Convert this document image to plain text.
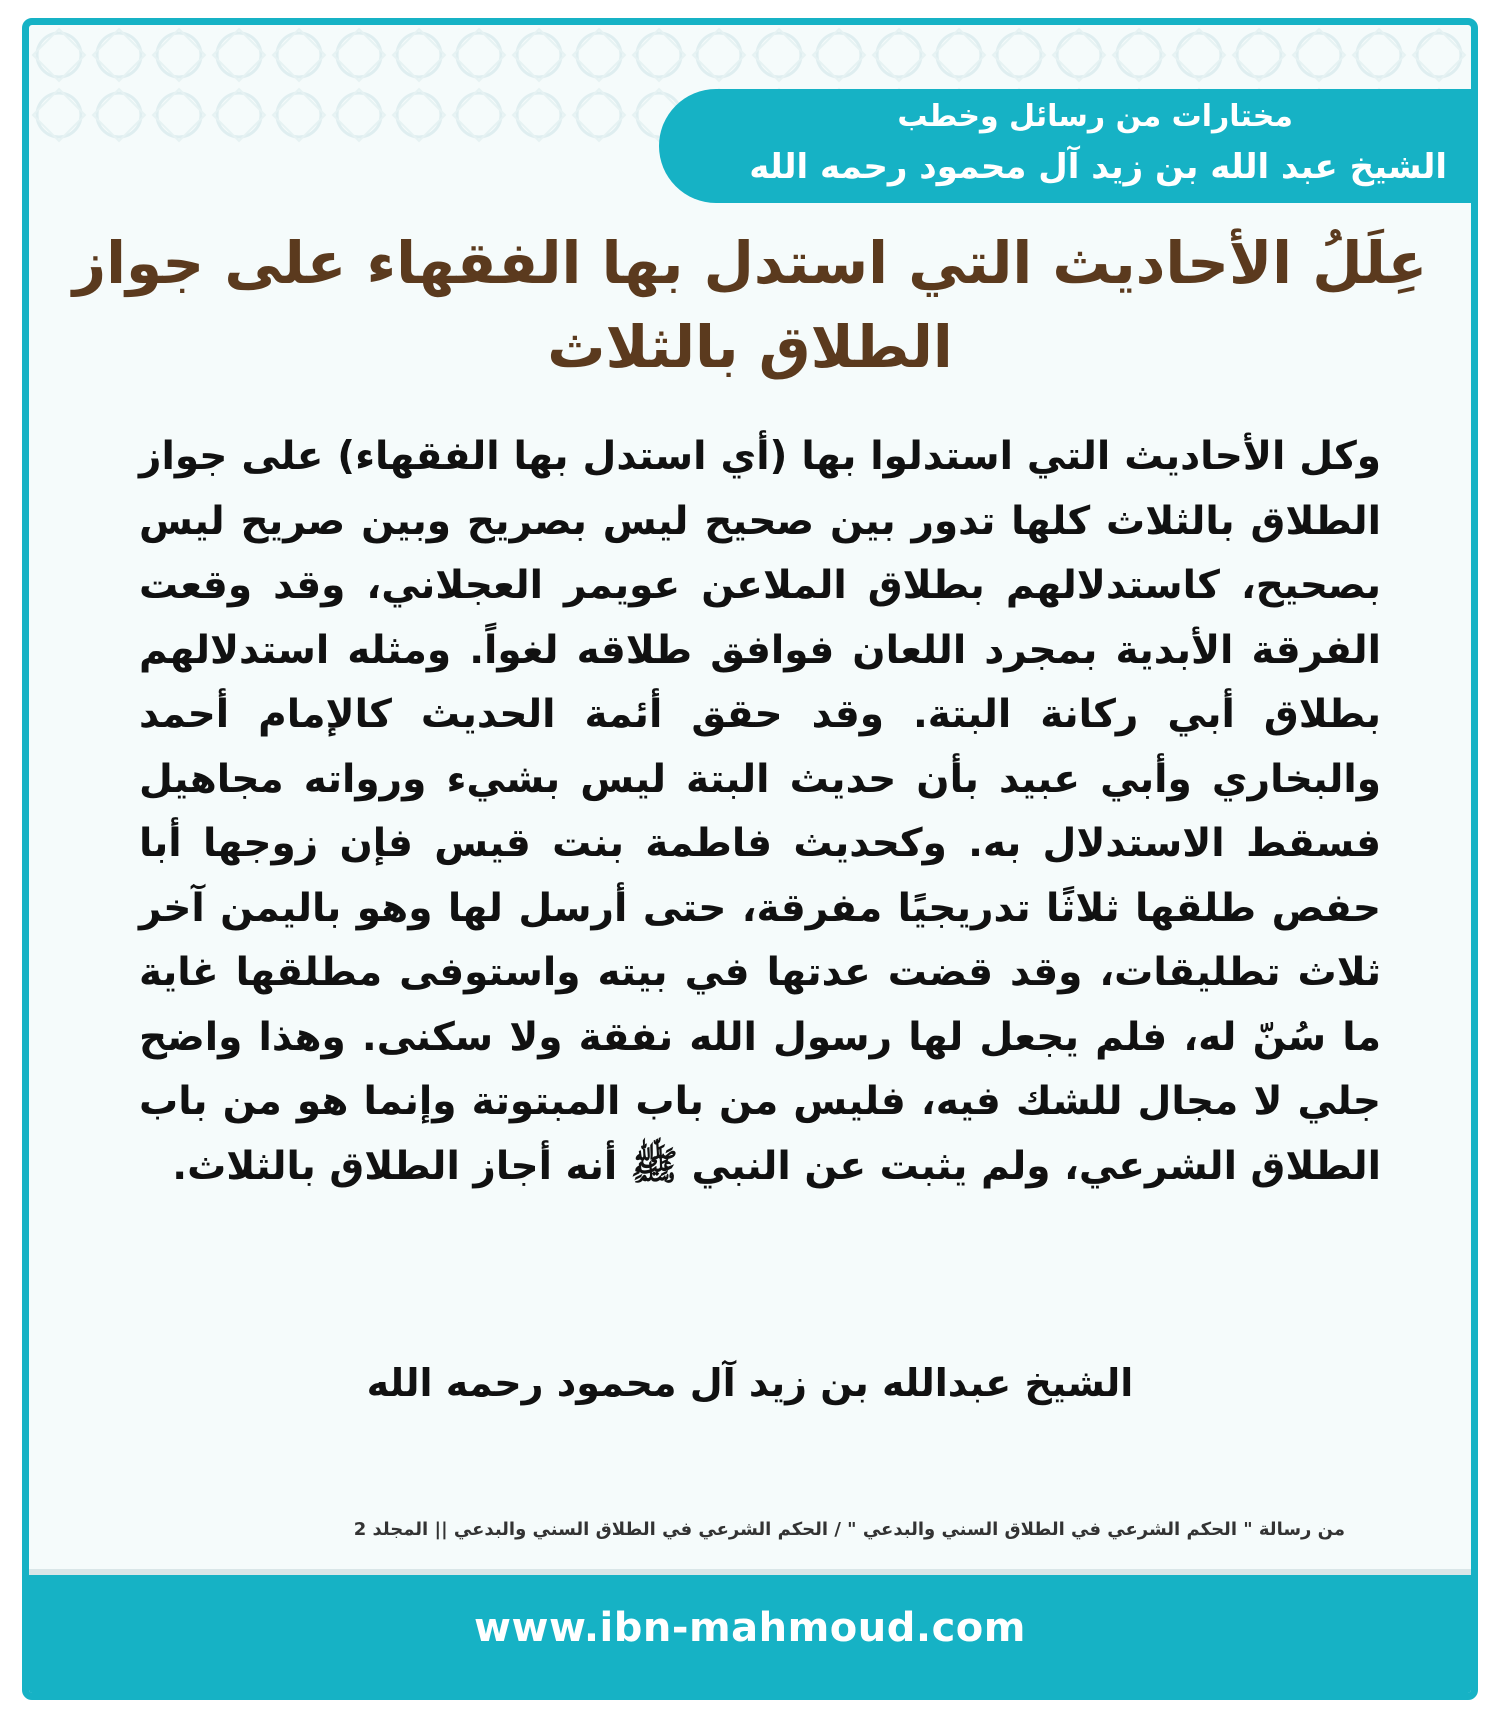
مختارات من رسائل وخطب
الشيخ عبد الله بن زيد آل محمود رحمه الله
عِلَلُ الأحاديث التي استدل بها الفقهاء على جواز الطلاق بالثلاث
وكل الأحاديث التي استدلوا بها (أي استدل بها الفقهاء) على جواز الطلاق بالثلاث كلها تدور بين صحيح ليس بصريح وبين صريح ليس بصحيح، كاستدلالهم بطلاق الملاعن عويمر العجلاني، وقد وقعت الفرقة الأبدية بمجرد اللعان فوافق طلاقه لغواً. ومثله استدلالهم بطلاق أبي ركانة البتة. وقد حقق أئمة الحديث كالإمام أحمد والبخاري وأبي عبيد بأن حديث البتة ليس بشيء ورواته مجاهيل فسقط الاستدلال به. وكحديث فاطمة بنت قيس فإن زوجها أبا حفص طلقها ثلاثًا تدريجيًا مفرقة، حتى أرسل لها وهو باليمن آخر ثلاث تطليقات، وقد قضت عدتها في بيته واستوفى مطلقها غاية ما سُنّ له، فلم يجعل لها رسول الله نفقة ولا سكنى. وهذا واضح جلي لا مجال للشك فيه، فليس من باب المبتوتة وإنما هو من باب الطلاق الشرعي، ولم يثبت عن النبي ﷺ أنه أجاز الطلاق بالثلاث.
الشيخ عبدالله بن زيد آل محمود رحمه الله
من رسالة " الحكم الشرعي في الطلاق السني والبدعي " / الحكم الشرعي في الطلاق السني والبدعي || المجلد 2
www.ibn-mahmoud.com
